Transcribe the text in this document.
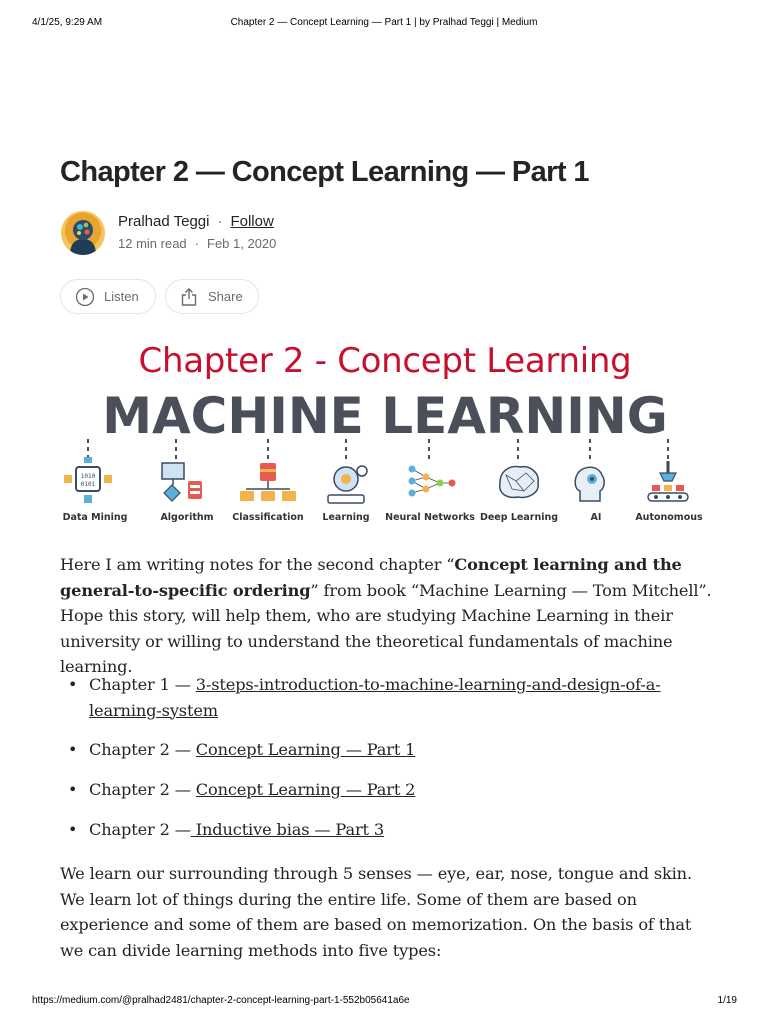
4/1/25, 9:29 AM	Chapter 2 — Concept Learning — Part 1 | by Pralhad Teggi | Medium
Chapter 2 — Concept Learning — Part 1
Pralhad Teggi · Follow
12 min read · Feb 1, 2020
Listen	Share
Chapter 2 - Concept Learning
MACHINE LEARNING
1010
0101
Data Mining	Algorithm	Classification	Learning	Neural Networks Deep Learning	AI	Autonomous

Here I am writing notes for the second chapter “Concept learning and the general-to-specific ordering” from book “Machine Learning — Tom Mitchell”. Hope this story, will help them, who are studying Machine Learning in their university or willing to understand the theoretical fundamentals of machine learning.

• Chapter 1 — 3-steps-introduction-to-machine-learning-and-design-of-a-learning-system
• Chapter 2 — Concept Learning — Part 1
• Chapter 2 — Concept Learning — Part 2
• Chapter 2 — Inductive bias — Part 3

We learn our surrounding through 5 senses — eye, ear, nose, tongue and skin. We learn lot of things during the entire life. Some of them are based on experience and some of them are based on memorization. On the basis of that we can divide learning methods into five types:

https://medium.com/@pralhad2481/chapter-2-concept-learning-part-1-552b05641a6e	1/19
